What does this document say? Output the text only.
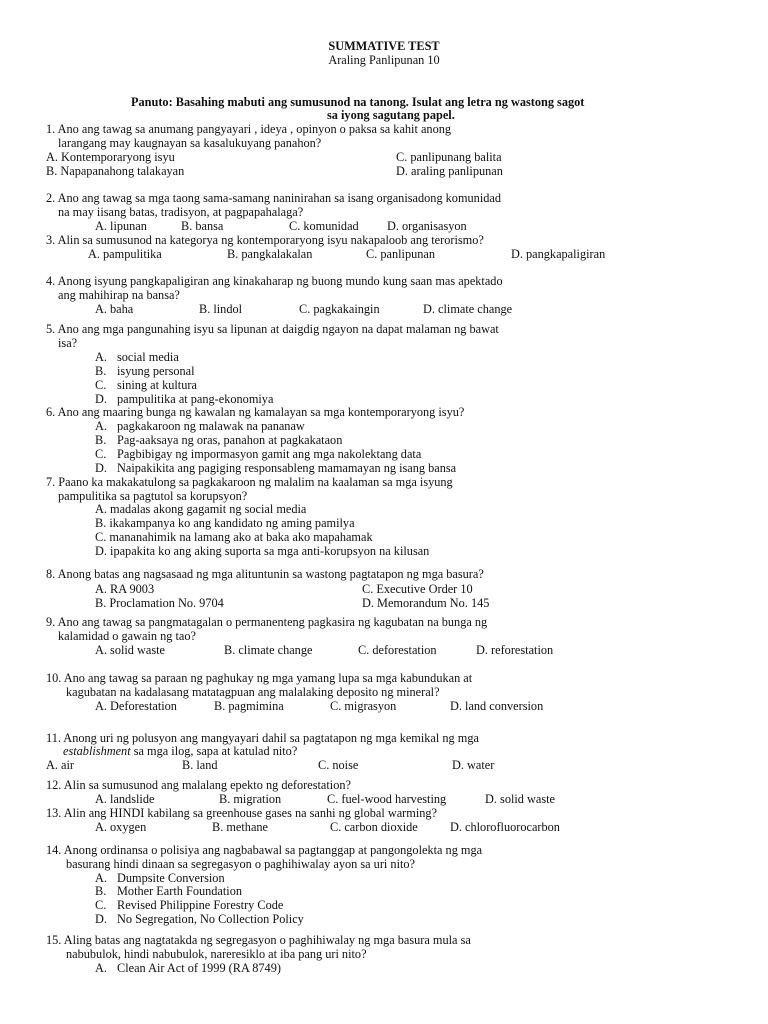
SUMMATIVE TEST
Araling Panlipunan 10
Panuto: Basahing mabuti ang sumusunod na tanong. Isulat ang letra ng wastong sagot
sa iyong sagutang papel.
1. Ano ang tawag sa anumang pangyayari , ideya , opinyon o paksa sa kahit anong
larangang may kaugnayan sa kasalukuyang panahon?
A. Kontemporaryong isyu
B. Napapanahong talakayan
C. panlipunang balita
D. araling panlipunan
2. Ano ang tawag sa mga taong sama-samang naninirahan sa isang organisadong komunidad
na may iisang batas, tradisyon, at pagpapahalaga?
A. lipunan	B. bansa	C. komunidad D. organisasyon
3. Alin sa sumusunod na kategorya ng kontemporaryong isyu nakapaloob ang terorismo?
A. pampulitika	B. pangkalakalan	C. panlipunan	D. pangkapaligiran
4. Anong isyung pangkapaligiran ang kinakaharap ng buong mundo kung saan mas apektado
ang mahihirap na bansa?
A. baha	B. lindol	C. pagkakaingin	D. climate change
5. Ano ang mga pangunahing isyu sa lipunan at daigdig ngayon na dapat malaman ng bawat
isa?
A. social media
B. isyung personal
C. sining at kultura
D. pampulitika at pang-ekonomiya
6. Ano ang maaring bunga ng kawalan ng kamalayan sa mga kontemporaryong isyu?
A. pagkakaroon ng malawak na pananaw
B. Pag-aaksaya ng oras, panahon at pagkakataon
C. Pagbibigay ng impormasyon gamit ang mga nakolektang data
D. Naipakikita ang pagiging responsableng mamamayan ng isang bansa
7. Paano ka makakatulong sa pagkakaroon ng malalim na kaalaman sa mga isyung
pampulitika sa pagtutol sa korupsyon?
A. madalas akong gagamit ng social media
B. ikakampanya ko ang kandidato ng aming pamilya
C. mananahimik na lamang ako at baka ako mapahamak
D. ipapakita ko ang aking suporta sa mga anti-korupsyon na kilusan
8. Anong batas ang nagsasaad ng mga alituntunin sa wastong pagtatapon ng mga basura?
A. RA 9003
B. Proclamation No. 9704
C. Executive Order 10
D. Memorandum No. 145
9. Ano ang tawag sa pangmatagalan o permanenteng pagkasira ng kagubatan na bunga ng
kalamidad o gawain ng tao?
A. solid waste	B. climate change	C. deforestation	D. reforestation
10. Ano ang tawag sa paraan ng paghukay ng mga yamang lupa sa mga kabundukan at
kagubatan na kadalasang matatagpuan ang malalaking deposito ng mineral?
A. Deforestation	B. pagmimina	C. migrasyon	D. land conversion
11. Anong uri ng polusyon ang mangyayari dahil sa pagtatapon ng mga kemikal ng mga
establishment sa mga ilog, sapa at katulad nito?
A. air	B. land	C. noise	D. water
12. Alin sa sumusunod ang malalang epekto ng deforestation?
A. landslide	B. migration	C. fuel-wood harvesting	D. solid waste
13. Alin ang HINDI kabilang sa greenhouse gases na sanhi ng global warming?
A. oxygen	B. methane	C. carbon dioxide	D. chlorofluorocarbon
14. Anong ordinansa o polisiya ang nagbabawal sa pagtanggap at pangongolekta ng mga
basurang hindi dinaan sa segregasyon o paghihiwalay ayon sa uri nito?
A. Dumpsite Conversion
B. Mother Earth Foundation
C. Revised Philippine Forestry Code
D. No Segregation, No Collection Policy
15. Aling batas ang nagtatakda ng segregasyon o paghihiwalay ng mga basura mula sa
nabubulok, hindi nabubulok, nareresiklo at iba pang uri nito?
A. Clean Air Act of 1999 (RA 8749)
